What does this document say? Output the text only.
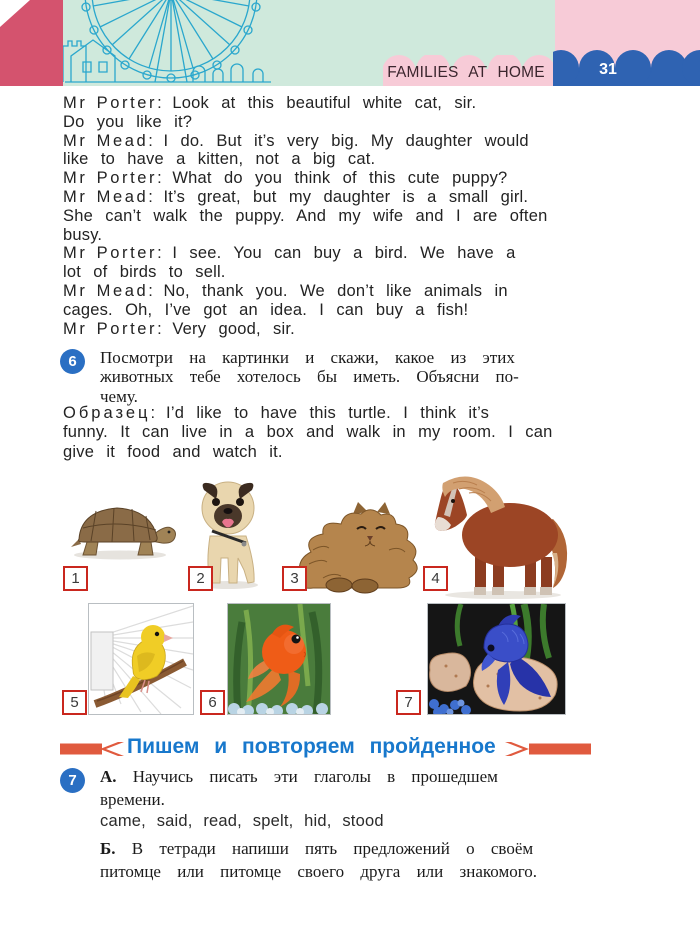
FAMILIES AT HOME	31
Mr Porter: Look at this beautiful white cat, sir.
Do you like it?
Mr Mead: I do. But it’s very big. My daughter would
like to have a kitten, not a big cat.
Mr Porter: What do you think of this cute puppy?
Mr Mead: It’s great, but my daughter is a small girl.
She can’t walk the puppy. And my wife and I are often
busy.
Mr Porter: I see. You can buy a bird. We have a
lot of birds to sell.
Mr Mead: No, thank you. We don’t like animals in
cages. Oh, I’ve got an idea. I can buy a fish!
Mr Porter: Very good, sir.
6	Посмотри на картинки и скажи, какое из этих
животных тебе хотелось бы иметь. Объясни по-
чему.
Образец: I’d like to have this turtle. I think it’s
funny. It can live in a box and walk in my room. I can
give it food and watch it.
1	2	3	4
5	6	7
Пишем и повторяем пройденное
7	А. Научись писать эти глаголы в прошедшем
времени.
came, said, read, spelt, hid, stood
Б. В тетради напиши пять предложений о своём
питомце или питомце своего друга или знакомого.
